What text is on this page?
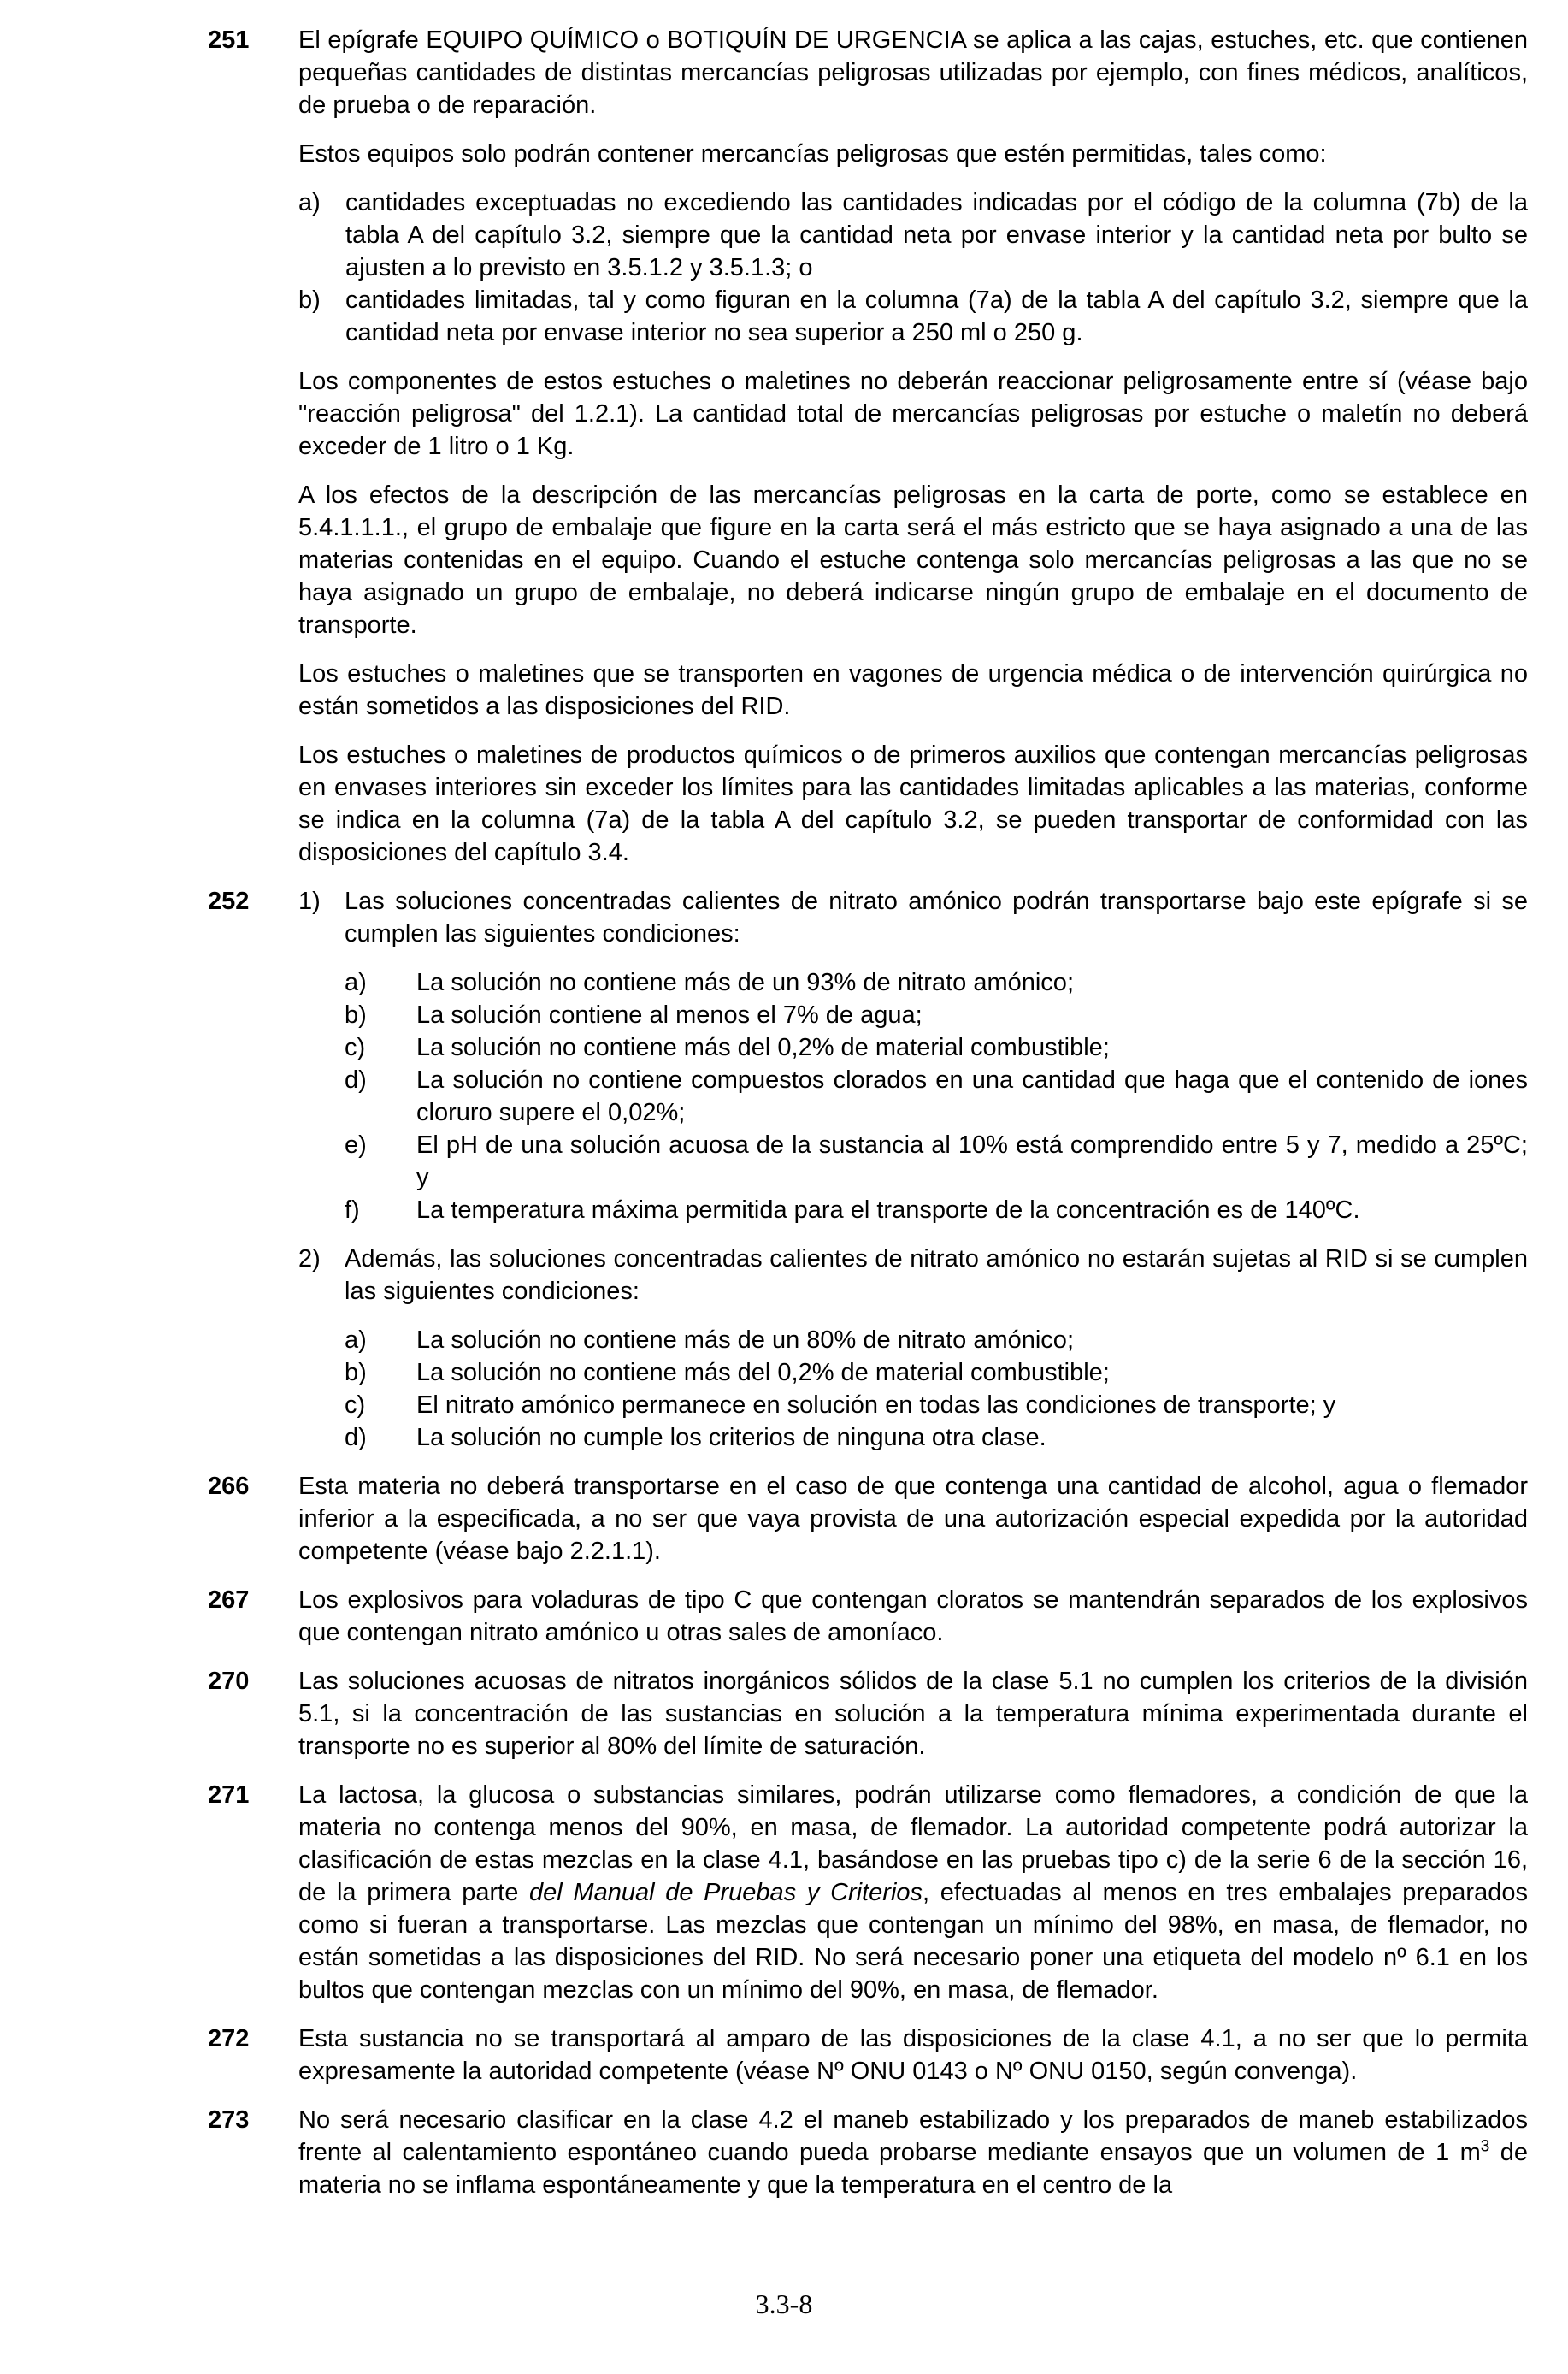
251	El epígrafe EQUIPO QUÍMICO o BOTIQUÍN DE URGENCIA se aplica a las cajas, estuches, etc. que contienen pequeñas cantidades de distintas mercancías peligrosas utilizadas por ejemplo, con fines médicos, analíticos, de prueba o de reparación.

Estos equipos solo podrán contener mercancías peligrosas que estén permitidas, tales como:

a)	cantidades exceptuadas no excediendo las cantidades indicadas por el código de la columna (7b) de la tabla A del capítulo 3.2, siempre que la cantidad neta por envase interior y la cantidad neta por bulto se ajusten a lo previsto en 3.5.1.2 y 3.5.1.3; o
b)	cantidades limitadas, tal y como figuran en la columna (7a) de la tabla A del capítulo 3.2, siempre que la cantidad neta por envase interior no sea superior a 250 ml o 250 g.

Los componentes de estos estuches o maletines no deberán reaccionar peligrosamente entre sí (véase bajo "reacción peligrosa" del 1.2.1). La cantidad total de mercancías peligrosas por estuche o maletín no deberá exceder de 1 litro o 1 Kg.

A los efectos de la descripción de las mercancías peligrosas en la carta de porte, como se establece en 5.4.1.1.1., el grupo de embalaje que figure en la carta será el más estricto que se haya asignado a una de las materias contenidas en el equipo. Cuando el estuche contenga solo mercancías peligrosas a las que no se haya asignado un grupo de embalaje, no deberá indicarse ningún grupo de embalaje en el documento de transporte.

Los estuches o maletines que se transporten en vagones de urgencia médica o de intervención quirúrgica no están sometidos a las disposiciones del RID.

Los estuches o maletines de productos químicos o de primeros auxilios que contengan mercancías peligrosas en envases interiores sin exceder los límites para las cantidades limitadas aplicables a las materias, conforme se indica en la columna (7a) de la tabla A del capítulo 3.2, se pueden transportar de conformidad con las disposiciones del capítulo 3.4.

252	1) Las soluciones concentradas calientes de nitrato amónico podrán transportarse bajo este epígrafe si se cumplen las siguientes condiciones:
a)	La solución no contiene más de un 93% de nitrato amónico;
b)	La solución contiene al menos el 7% de agua;
c)	La solución no contiene más del 0,2% de material combustible;
d)	La solución no contiene compuestos clorados en una cantidad que haga que el contenido de iones cloruro supere el 0,02%;
e)	El pH de una solución acuosa de la sustancia al 10% está comprendido entre 5 y 7, medido a 25ºC; y
f)	La temperatura máxima permitida para el transporte de la concentración es de 140ºC.
2) Además, las soluciones concentradas calientes de nitrato amónico no estarán sujetas al RID si se cumplen las siguientes condiciones:
a)	La solución no contiene más de un 80% de nitrato amónico;
b)	La solución no contiene más del 0,2% de material combustible;
c)	El nitrato amónico permanece en solución en todas las condiciones de transporte; y
d)	La solución no cumple los criterios de ninguna otra clase.
266	Esta materia no deberá transportarse en el caso de que contenga una cantidad de alcohol, agua o flemador inferior a la especificada, a no ser que vaya provista de una autorización especial expedida por la autoridad competente (véase bajo 2.2.1.1).

267	Los explosivos para voladuras de tipo C que contengan cloratos se mantendrán separados de los explosivos que contengan nitrato amónico u otras sales de amoníaco.

270	Las soluciones acuosas de nitratos inorgánicos sólidos de la clase 5.1 no cumplen los criterios de la división 5.1, si la concentración de las sustancias en solución a la temperatura mínima experimentada durante el transporte no es superior al 80% del límite de saturación.

271	La lactosa, la glucosa o substancias similares, podrán utilizarse como flemadores, a condición de que la materia no contenga menos del 90%, en masa, de flemador. La autoridad competente podrá autorizar la clasificación de estas mezclas en la clase 4.1, basándose en las pruebas tipo c) de la serie 6 de la sección 16, de la primera parte del Manual de Pruebas y Criterios, efectuadas al menos en tres embalajes preparados como si fueran a transportarse. Las mezclas que contengan un mínimo del 98%, en masa, de flemador, no están sometidas a las disposiciones del RID. No será necesario poner una etiqueta del modelo nº 6.1 en los bultos que contengan mezclas con un mínimo del 90%, en masa, de flemador.

272	Esta sustancia no se transportará al amparo de las disposiciones de la clase 4.1, a no ser que lo permita expresamente la autoridad competente (véase Nº ONU 0143 o Nº ONU 0150, según convenga).

273	No será necesario clasificar en la clase 4.2 el maneb estabilizado y los preparados de maneb estabilizados frente al calentamiento espontáneo cuando pueda probarse mediante ensayos que un volumen de 1 $m^3$ de materia no se inflama espontáneamente y que la temperatura en el centro de la

3.3-8
